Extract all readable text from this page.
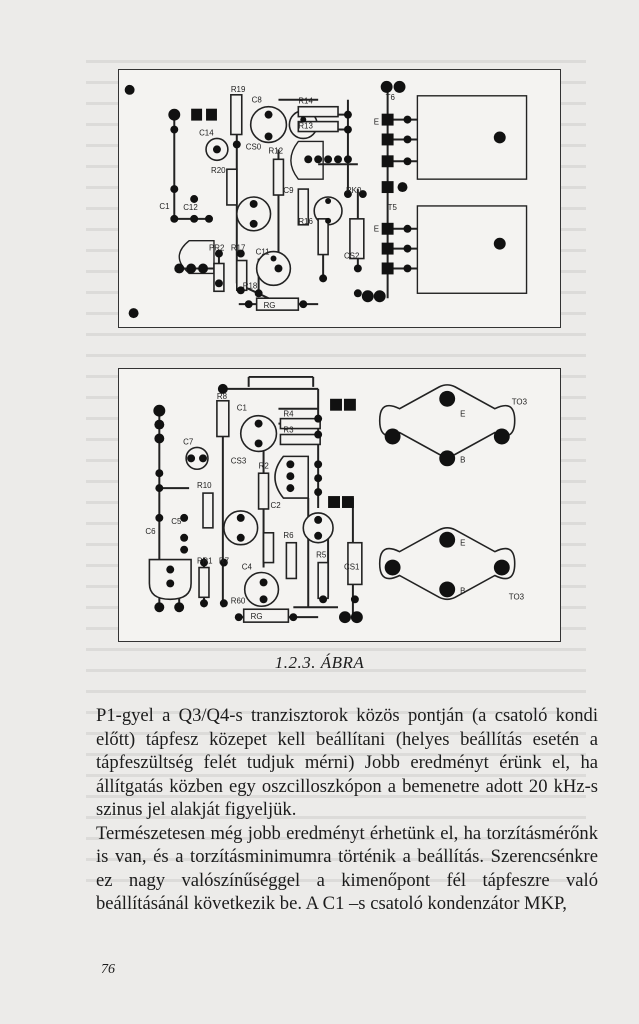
R19
C8	R14	T6
C14
R13	E
R12
CS0
R20
C9	RK0
C12
R16
C1	T5
E
PR2 R17 C11	CS2
RG
R18
R8
C1
R4
R3
TO3
C7
CS3
R2
R10
C2
C5
C6	R6
R5
PR1 R7
C4	CS1
RG
R60	TO3
E
B
E
B
1.2.3. ÁBRA

P1-gyel a Q3/Q4-s tranzisztorok közös pontján (a csatoló kondi előtt) tápfesz közepet kell beállítani (helyes beállítás esetén a tápfeszültség felét tudjuk mérni) Jobb eredményt érünk el, ha állítgatás közben egy oszcilloszkópon a bemenetre adott 20 kHz-s szinus jel alakját figyeljük.

Természetesen még jobb eredményt érhetünk el, ha torzításmérőnk is van, és a torzításminimumra történik a beállítás. Szerencsénkre ez nagy valószínűséggel a kimenőpont fél tápfeszre való beállításánál következik be. A C1 –s csatoló kondenzátor MKP,

76
